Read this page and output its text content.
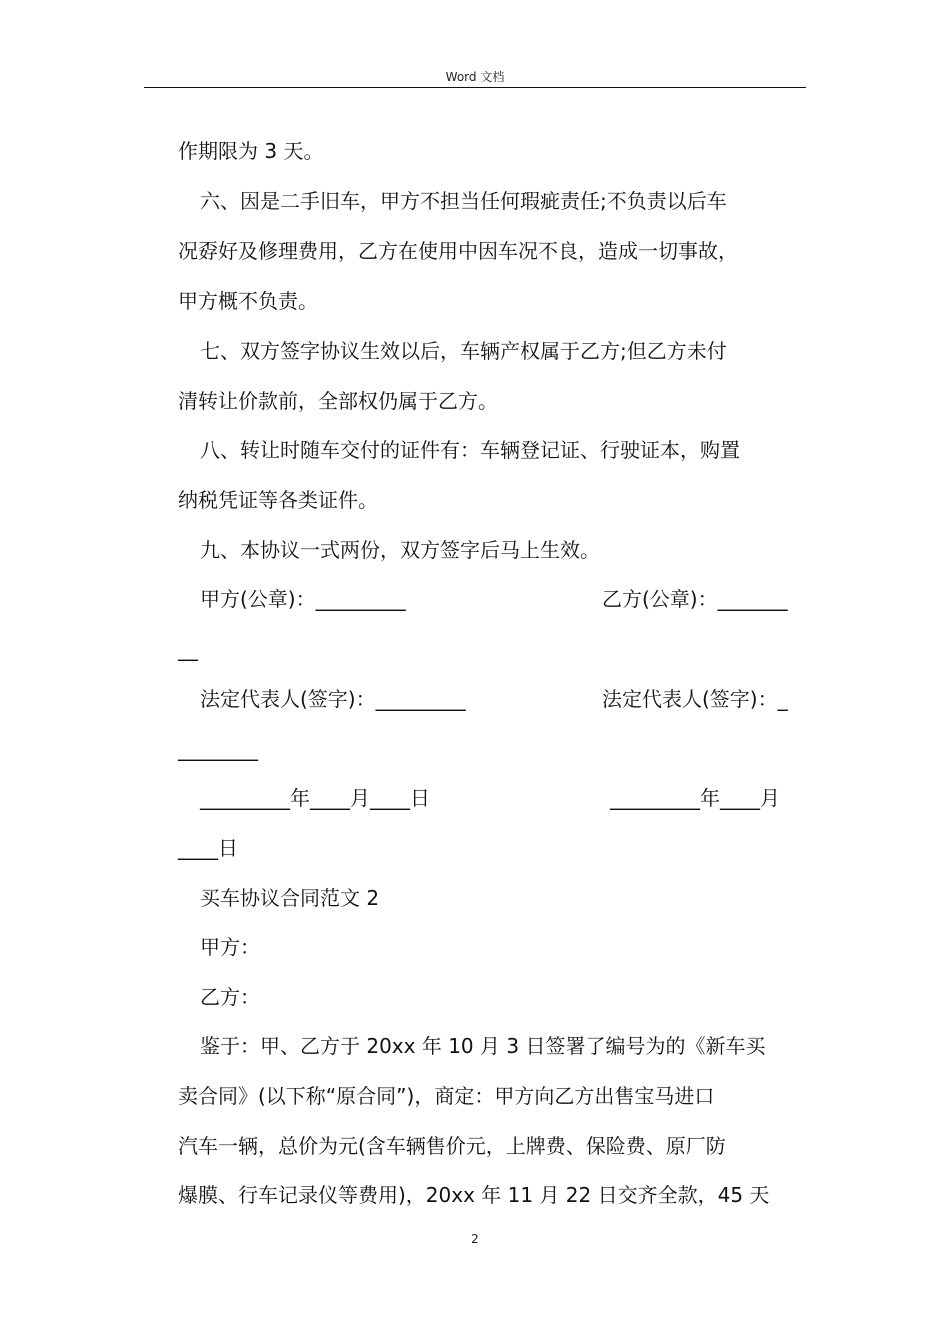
Word 文档
作期限为 3 天。
六、因是二手旧车，甲方不担当任何瑕疵责任;不负责以后车
况孬好及修理费用，乙方在使用中因车况不良，造成一切事故，
甲方概不负责。
七、双方签字协议生效以后，车辆产权属于乙方;但乙方未付
清转让价款前，全部权仍属于乙方。
八、转让时随车交付的证件有：车辆登记证、行驶证本，购置
纳税凭证等各类证件。
九、本协议一式两份，双方签字后马上生效。
甲方(公章)：_________	乙方(公章)：_______
__
法定代表人(签字)：_________	法定代表人(签字)：_
________
_________年____月____日	_________年____月
____日
买车协议合同范文 2
甲方：
乙方：
鉴于：甲、乙方于 20xx 年 10 月 3 日签署了编号为的《新车买
卖合同》(以下称“原合同”)，商定：甲方向乙方出售宝马进口
汽车一辆，总价为元(含车辆售价元，上牌费、保险费、原厂防
爆膜、行车记录仪等费用)，20xx 年 11 月 22 日交齐全款，45 天
2
